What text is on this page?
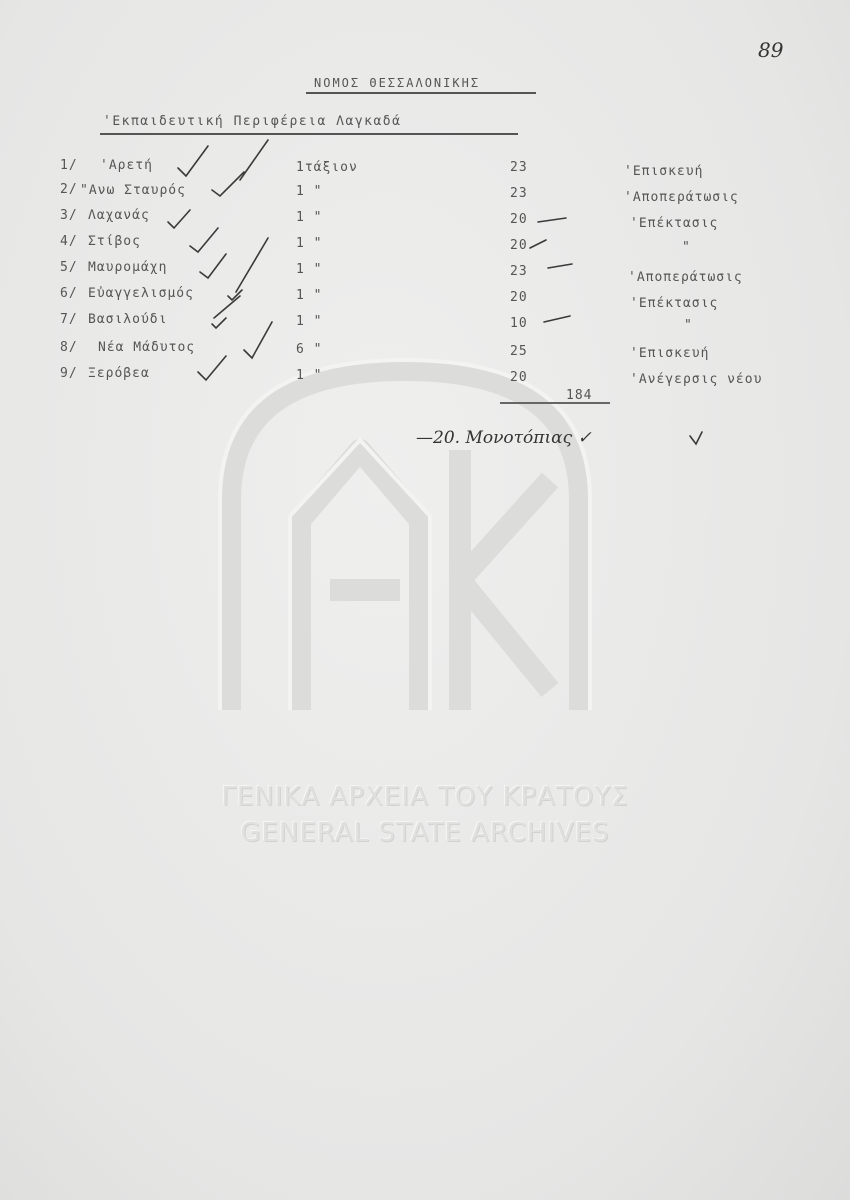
ΓΕΝΙΚΑ ΑΡΧΕΙΑ ΤΟΥ ΚΡΑΤΟΥΣ
GENERAL STATE ARCHIVES
89
ΝΟΜΟΣ ΘΕΣΣΑΛΟΝΙΚΗΣ
'Εκπαιδευτική Περιφέρεια Λαγκαδά
1/ 'Αρετή	1τάξιον	23	'Επισκευή
2/ "Ανω Σταυρός	1 "	23	'Αποπεράτωσις
3/ Λαχανάς	1 "	20	'Επέκτασις
4/ Στίβος	1 "	20	"
5/ Μαυρομάχη	1 "	23	'Αποπεράτωσις
6/ Εὐαγγελισμός	1 "	20	'Επέκτασις
7/ Βασιλούδι	1 "	10	"
8/ Νέα Μάδυτος	6 "	25	'Επισκευή
9/ Ξερόβεα	1 "	20	'Ανέγερσις νέου
184
—20. Μονοτόπιας ✓
